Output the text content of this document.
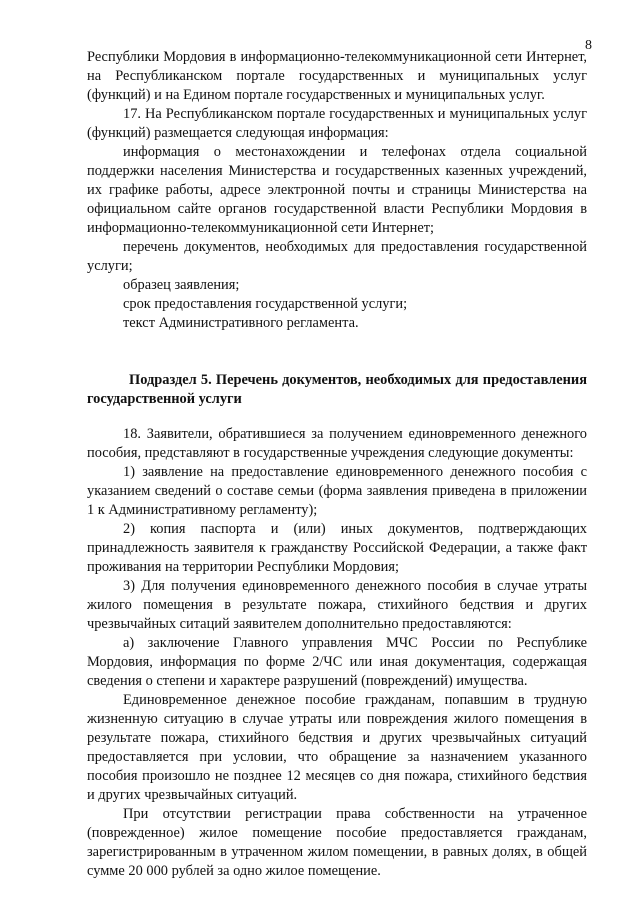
8

Республики Мордовия в информационно-телекоммуникационной сети Интернет, на Республиканском портале государственных и муниципальных услуг (функций) и на Едином портале государственных и муниципальных услуг.

17. На Республиканском портале государственных и муниципальных услуг (функций) размещается следующая информация:

информация о местонахождении и телефонах отдела социальной поддержки населения Министерства и государственных казенных учреждений, их графике работы, адресе электронной почты и страницы Министерства на официальном сайте органов государственной власти Республики Мордовия в информационно-телекоммуникационной сети Интернет;

перечень документов, необходимых для предоставления государственной услуги;

образец заявления;

срок предоставления государственной услуги;

текст Административного регламента.

Подраздел 5. Перечень документов, необходимых для предоставления государственной услуги

18. Заявители, обратившиеся за получением единовременного денежного пособия, представляют в государственные учреждения следующие документы:

1) заявление на предоставление единовременного денежного пособия с указанием сведений о составе семьи (форма заявления приведена в приложении 1 к Административному регламенту);

2) копия паспорта и (или) иных документов, подтверждающих принадлежность заявителя к гражданству Российской Федерации, а также факт проживания на территории Республики Мордовия;

3) Для получения единовременного денежного пособия в случае утраты жилого помещения в результате пожара, стихийного бедствия и других чрезвычайных ситаций заявителем дополнительно предоставляются:

а) заключение Главного управления МЧС России по Республике Мордовия, информация по форме 2/ЧС или иная документация, содержащая сведения о степени и характере разрушений (повреждений) имущества.

Единовременное денежное пособие гражданам, попавшим в трудную жизненную ситуацию в случае утраты или повреждения жилого помещения в результате пожара, стихийного бедствия и других чрезвычайных ситуаций предоставляется при условии, что обращение за назначением указанного пособия произошло не позднее 12 месяцев со дня пожара, стихийного бедствия и других чрезвычайных ситуаций.

При отсутствии регистрации права собственности на утраченное (поврежденное) жилое помещение пособие предоставляется гражданам, зарегистрированным в утраченном жилом помещении, в равных долях, в общей сумме 20 000 рублей за одно жилое помещение.
